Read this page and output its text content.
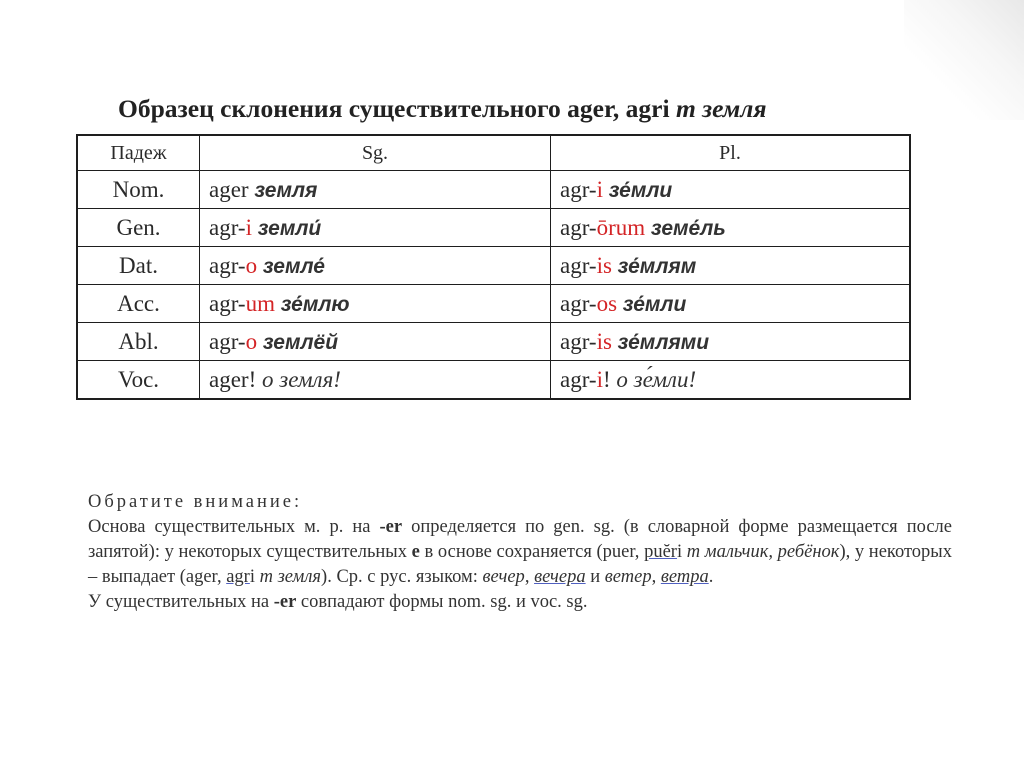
Образец склонения существительного ager, agri m земля
Падеж	Sg.	Pl.
Nom.	ager земля	agr-i зе́мли

Gen.	agr-i земли́	agr-ōrum земе́ль

Dat.	agr-o земле́	agr-is зе́млям

Acc.	agr-um зе́млю	agr-os зе́мли

Abl.	agr-o землёй	agr-is зе́млями

Voc.	ager! о земля!	agr-i! о зе́мли!

Обратите внимание:

Основа существительных м. р. на -er определяется по gen. sg. (в словарной форме размещается после запятой): у некоторых существительных e в основе сохраняется (puer, puĕri m мальчик, ребёнок), у некоторых – выпадает (ager, agri m земля). Ср. с рус. языком: вечер, вечера и ветер, ветра.

У существительных на -er совпадают формы nom. sg. и voc. sg.
